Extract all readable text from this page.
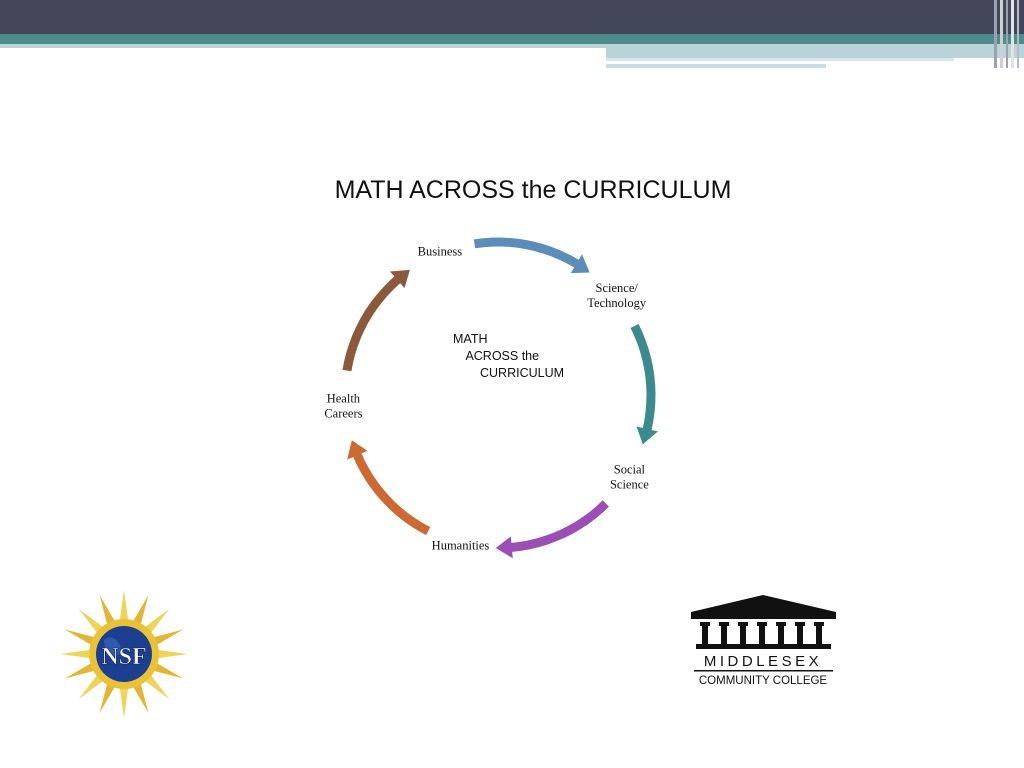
MATH ACROSS the CURRICULUM
Business
Science/ Technology
Social Science
Humanities
Health Careers
MATH ACROSS the CURRICULUM
NSF	MIDDLESEX
COMMUNITY COLLEGE
